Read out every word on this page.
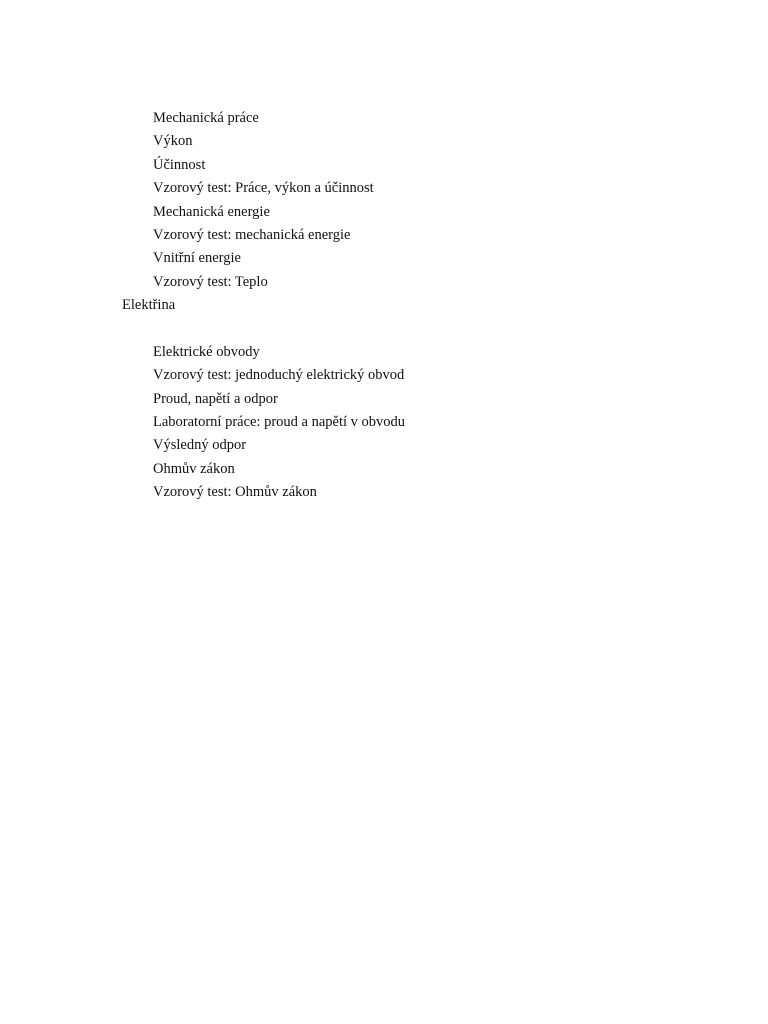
Mechanická práce
Výkon
Účinnost
Vzorový test: Práce, výkon a účinnost
Mechanická energie
Vzorový test: mechanická energie
Vnitřní energie
Vzorový test: Teplo
Elektřina
Elektrické obvody
Vzorový test: jednoduchý elektrický obvod
Proud, napětí a odpor
Laboratorní práce: proud a napětí v obvodu
Výsledný odpor
Ohmův zákon
Vzorový test: Ohmův zákon
